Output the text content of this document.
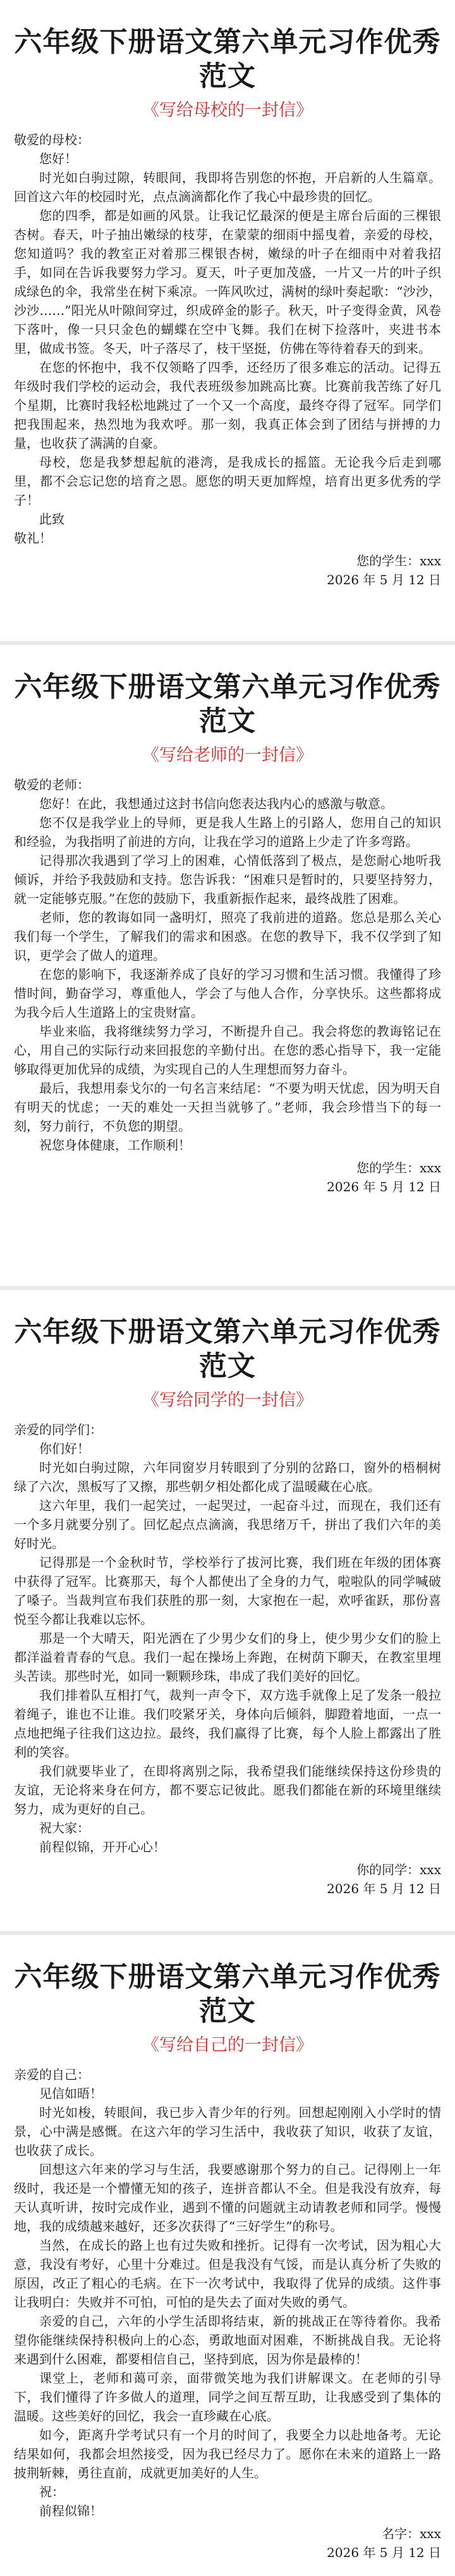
六年级下册语文第六单元习作优秀范文
《写给母校的一封信》
敬爱的母校：

您好！

时光如白驹过隙，转眼间，我即将告别您的怀抱，开启新的人生篇章。回首这六年的校园时光，点点滴滴都化作了我心中最珍贵的回忆。

您的四季，都是如画的风景。让我记忆最深的便是主席台后面的三棵银杏树。春天，叶子抽出嫩绿的枝芽，在蒙蒙的细雨中摇曳着，亲爱的母校，您知道吗？我的教室正对着那三棵银杏树，嫩绿的叶子在细雨中对着我招手，如同在告诉我要努力学习。夏天，叶子更加茂盛，一片又一片的叶子织成绿色的伞，我常坐在树下乘凉。一阵风吹过，满树的绿叶奏起歌：“沙沙，沙沙……”阳光从叶隙间穿过，织成碎金的影子。秋天，叶子变得金黄，风卷下落叶，像一只只金色的蝴蝶在空中飞舞。我们在树下捡落叶，夹进书本里，做成书签。冬天，叶子落尽了，枝干坚挺，仿佛在等待着春天的到来。

在您的怀抱中，我不仅领略了四季，还经历了很多难忘的活动。记得五年级时我们学校的运动会，我代表班级参加跳高比赛。比赛前我苦练了好几个星期，比赛时我轻松地跳过了一个又一个高度，最终夺得了冠军。同学们把我围起来，热烈地为我欢呼。那一刻，我真正体会到了团结与拼搏的力量，也收获了满满的自豪。

母校，您是我梦想起航的港湾，是我成长的摇篮。无论我今后走到哪里，都不会忘记您的培育之恩。愿您的明天更加辉煌，培育出更多优秀的学子！

此致
敬礼！
您的学生：xxx
2026 年 5 月 12 日
六年级下册语文第六单元习作优秀范文
《写给老师的一封信》
敬爱的老师：

您好！在此，我想通过这封书信向您表达我内心的感激与敬意。

您不仅是我学业上的导师，更是我人生路上的引路人，您用自己的知识和经验，为我指明了前进的方向，让我在学习的道路上少走了许多弯路。

记得那次我遇到了学习上的困难，心情低落到了极点，是您耐心地听我倾诉，并给予我鼓励和支持。您告诉我：“困难只是暂时的，只要坚持努力，就一定能够克服。”在您的鼓励下，我重新振作起来，最终战胜了困难。

老师，您的教诲如同一盏明灯，照亮了我前进的道路。您总是那么关心我们每一个学生，了解我们的需求和困惑。在您的教导下，我不仅学到了知识，更学会了做人的道理。

在您的影响下，我逐渐养成了良好的学习习惯和生活习惯。我懂得了珍惜时间，勤奋学习，尊重他人，学会了与他人合作，分享快乐。这些都将成为我今后人生道路上的宝贵财富。

毕业来临，我将继续努力学习，不断提升自己。我会将您的教诲铭记在心，用自己的实际行动来回报您的辛勤付出。在您的悉心指导下，我一定能够取得更加优异的成绩，为实现自己的人生理想而努力奋斗。

最后，我想用泰戈尔的一句名言来结尾：“不要为明天忧虑，因为明天自有明天的忧虑；一天的难处一天担当就够了。”老师，我会珍惜当下的每一刻，努力前行，不负您的期望。

祝您身体健康，工作顺利！

您的学生：xxx
2026 年 5 月 12 日
六年级下册语文第六单元习作优秀范文
《写给同学的一封信》
亲爱的同学们：

你们好！

时光如白驹过隙，六年同窗岁月转眼到了分别的岔路口，窗外的梧桐树绿了六次，黑板写了又擦，那些朝夕相处都化成了温暖藏在心底。

这六年里，我们一起笑过，一起哭过，一起奋斗过，而现在，我们还有一个多月就要分别了。回忆起点点滴滴，我思绪万千，拼出了我们六年的美好时光。

记得那是一个金秋时节，学校举行了拔河比赛，我们班在年级的团体赛中获得了冠军。比赛那天，每个人都使出了全身的力气，啦啦队的同学喊破了嗓子。当裁判宣布我们获胜的那一刻，大家抱在一起，欢呼雀跃，那份喜悦至今都让我难以忘怀。

那是一个大晴天，阳光洒在了少男少女们的身上，使少男少女们的脸上都洋溢着青春的气息。我们一起在操场上奔跑，在树荫下聊天，在教室里埋头苦读。那些时光，如同一颗颗珍珠，串成了我们美好的回忆。

我们排着队互相打气，裁判一声令下，双方选手就像上足了发条一般拉着绳子，谁也不让谁。我们咬紧牙关，身体向后倾斜，脚蹬着地面，一点一点地把绳子往我们这边拉。最终，我们赢得了比赛，每个人脸上都露出了胜利的笑容。

我们就要毕业了，在即将离别之际，我希望我们能继续保持这份珍贵的友谊，无论将来身在何方，都不要忘记彼此。愿我们都能在新的环境里继续努力，成为更好的自己。

祝大家：

前程似锦，开开心心！

你的同学：xxx
2026 年 5 月 12 日
六年级下册语文第六单元习作优秀范文
《写给自己的一封信》
亲爱的自己：

见信如晤！

时光如梭，转眼间，我已步入青少年的行列。回想起刚刚入小学时的情景，心中满是感慨。在这六年的学习生活中，我收获了知识，收获了友谊，也收获了成长。

回想这六年来的学习与生活，我要感谢那个努力的自己。记得刚上一年级时，我还是一个懵懂无知的孩子，连拼音都认不全。但是我没有放弃，每天认真听讲，按时完成作业，遇到不懂的问题就主动请教老师和同学。慢慢地，我的成绩越来越好，还多次获得了“三好学生”的称号。

当然，在成长的路上也有过失败和挫折。记得有一次考试，因为粗心大意，我没有考好，心里十分难过。但是我没有气馁，而是认真分析了失败的原因，改正了粗心的毛病。在下一次考试中，我取得了优异的成绩。这件事让我明白：失败并不可怕，可怕的是失去了面对失败的勇气。

亲爱的自己，六年的小学生活即将结束，新的挑战正在等待着你。我希望你能继续保持积极向上的心态，勇敢地面对困难，不断挑战自我。无论将来遇到什么困难，都要相信自己，坚持到底，因为你是最棒的！

课堂上，老师和蔼可亲，面带微笑地为我们讲解课文。在老师的引导下，我们懂得了许多做人的道理，同学之间互帮互助，让我感受到了集体的温暖。这些美好的回忆，我会一直珍藏在心底。

如今，距离升学考试只有一个月的时间了，我要全力以赴地备考。无论结果如何，我都会坦然接受，因为我已经尽力了。愿你在未来的道路上一路披荆斩棘，勇往直前，成就更加美好的人生。

祝：

前程似锦！

名字：xxx
2026 年 5 月 12 日
